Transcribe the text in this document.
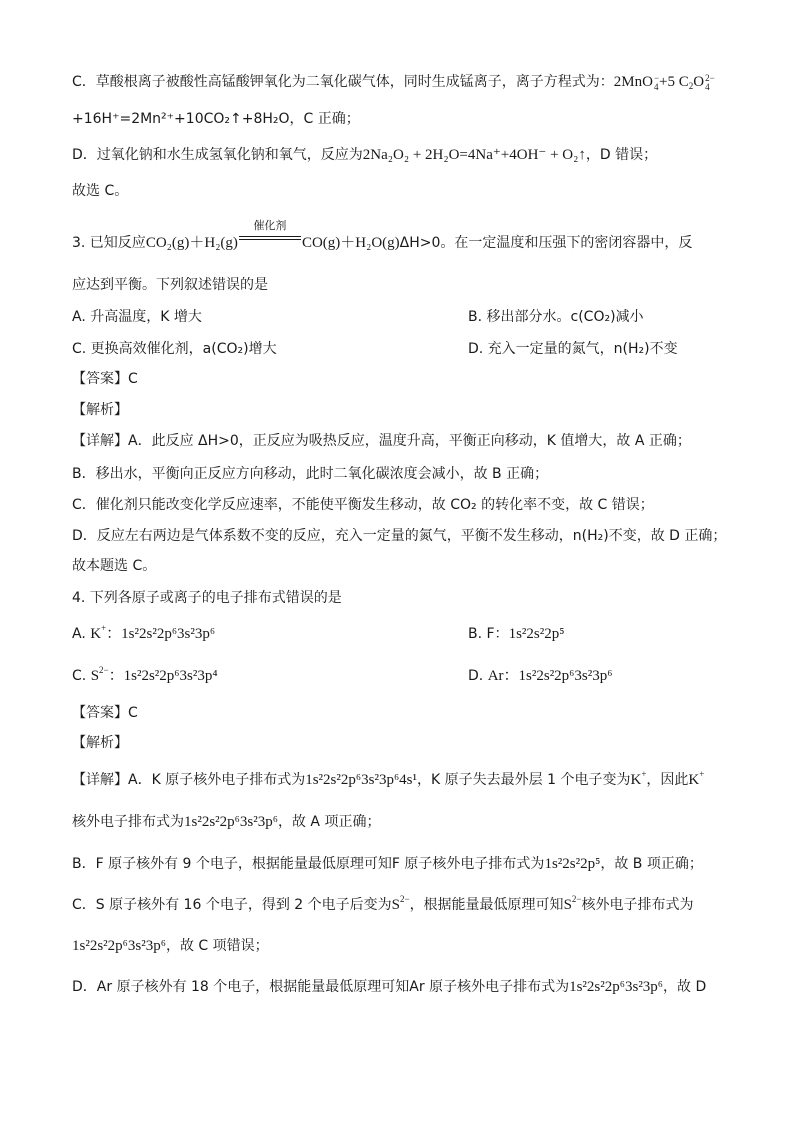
C．草酸根离子被酸性高锰酸钾氧化为二氧化碳气体，同时生成锰离子，离子方程式为：2MnO −
4 +5 $C_2O$ 2−
4
+16H⁺=2Mn²⁺+10CO₂↑+8H₂O，C 正确；
D．过氧化钠和水生成氢氧化钠和氧气，反应为2Na₂O₂ + 2H₂O=4Na⁺+4OH⁻ + O₂↑，D 错误；
故选 C。
3. 已知反应CO₂(g)＋H₂(g)
催化剂
CO(g)＋H₂O(g)ΔH>0。在一定温度和压强下的密闭容器中，反
应达到平衡。下列叙述错误的是
A. 升高温度，K 增大	B. 移出部分水。c(CO₂)减小
C. 更换高效催化剂，a(CO₂)增大	D. 充入一定量的氮气，n(H₂)不变
【答案】C
【解析】
【详解】A．此反应 ΔH>0，正反应为吸热反应，温度升高，平衡正向移动，K 值增大，故 A 正确；
B．移出水，平衡向正反应方向移动，此时二氧化碳浓度会减小，故 B 正确；
C．催化剂只能改变化学反应速率，不能使平衡发生移动，故 CO₂ 的转化率不变，故 C 错误；
D．反应左右两边是气体系数不变的反应，充入一定量的氮气，平衡不发生移动，n(H₂)不变，故 D 正确；
故本题选 C。
4. 下列各原子或离子的电子排布式错误的是
A. K+：1s²2s²2p⁶3s²3p⁶	B. F：1s²2s²2p⁵
C. $S^{2-}$：1s²2s²2p⁶3s²3p⁴	D. Ar：1s²2s²2p⁶3s²3p⁶
【答案】C
【解析】
【详解】A．K 原子核外电子排布式为1s²2s²2p⁶3s²3p⁶4s¹，K 原子失去最外层 1 个电子变为K+，因此K+
核外电子排布式为1s²2s²2p⁶3s²3p⁶，故 A 项正确；
B．F 原子核外有 9 个电子，根据能量最低原理可知F 原子核外电子排布式为1s²2s²2p⁵，故 B 项正确；
C．S 原子核外有 16 个电子，得到 2 个电子后变为$S^{2-}$，根据能量最低原理可知$S^{2-}$核外电子排布式为
1s²2s²2p⁶3s²3p⁶，故 C 项错误；
D．Ar 原子核外有 18 个电子，根据能量最低原理可知Ar 原子核外电子排布式为1s²2s²2p⁶3s²3p⁶，故 D
